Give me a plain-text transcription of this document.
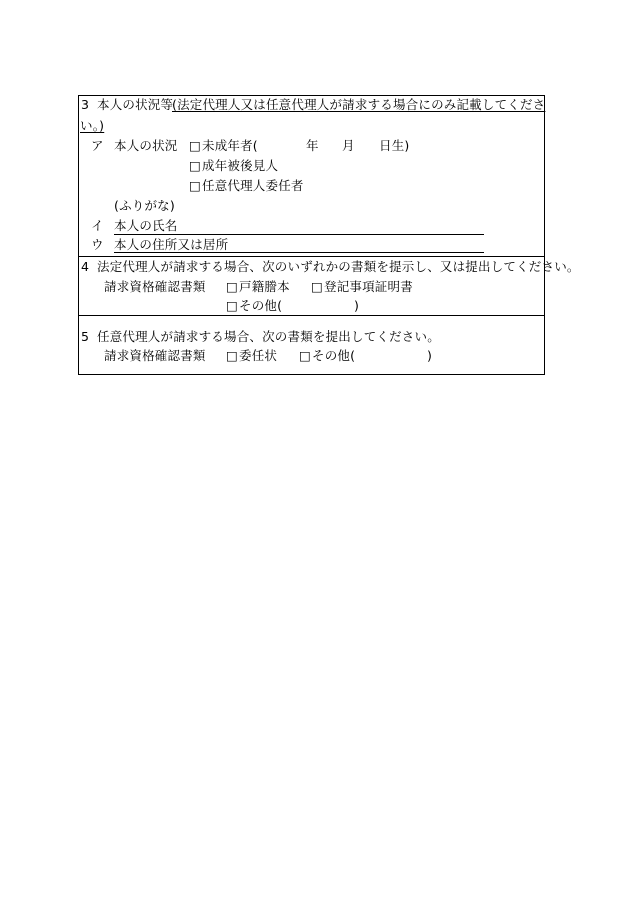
3 本人の状況等
(法定代理人又は任意代理人が請求する場合にのみ記載してくださ
い。)
ア 本人の状況 □ 未成年者(	年 月 日生)
□ 成年被後見人
□ 任意代理人委任者
(ふりがな)
イ 本人の氏名
ウ 本人の住所又は居所
4 法定代理人が請求する場合、次のいずれかの書類を提示し、又は提出してください。
請求資格確認書類 □ 戸籍謄本 □ 登記事項証明書
□ その他(	)
5 任意代理人が請求する場合、次の書類を提出してください。
請求資格確認書類 □ 委任状 □ その他(	)
